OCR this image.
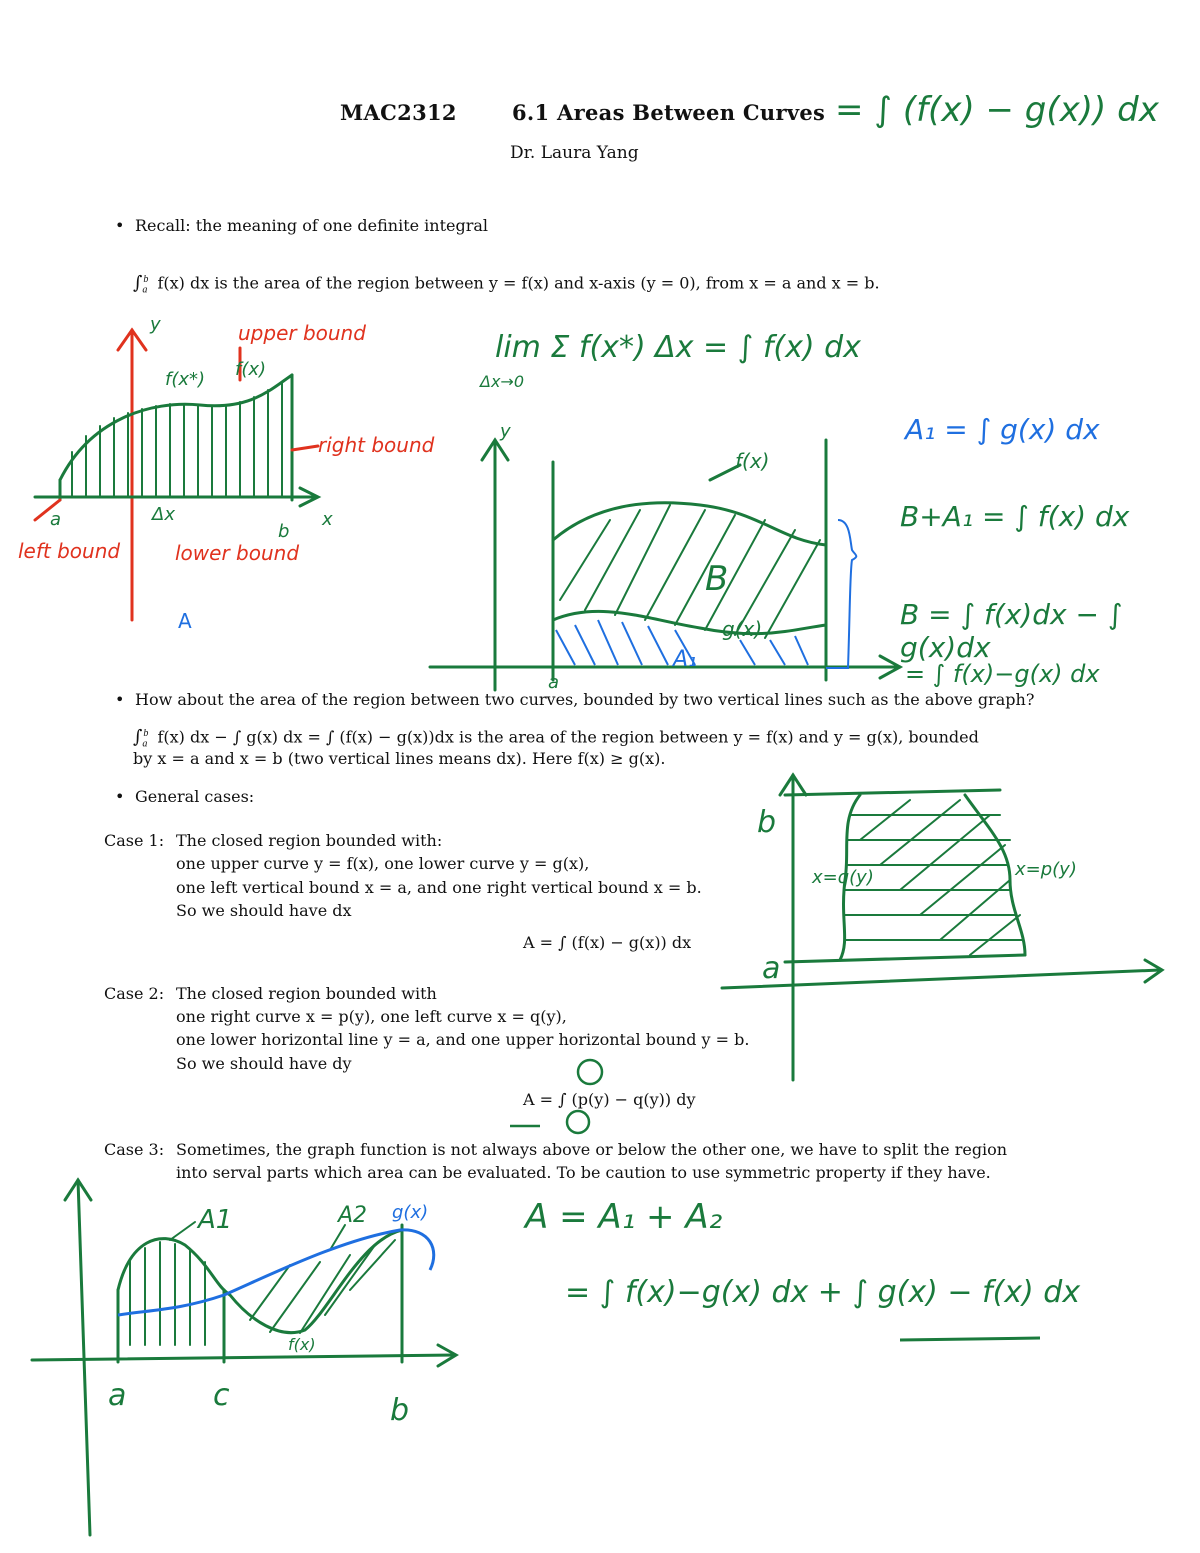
MAC2312	6.1 Areas Between Curves
Dr. Laura Yang
• Recall: the meaning of one definite integral
$\int_a^b$ f(x) dx is the area of the region between y = f(x) and x-axis (y = 0), from x = a and x = b.
• How about the area of the region between two curves, bounded by two vertical lines such as the above graph?
$\int_a^b$ f(x) dx − ∫ g(x) dx = ∫ (f(x) − g(x))dx is the area of the region between y = f(x) and y = g(x), bounded
by x = a and x = b (two vertical lines means dx). Here f(x) ≥ g(x).
• General cases:
Case 1: The closed region bounded with:
one upper curve y = f(x), one lower curve y = g(x),
one left vertical bound x = a, and one right vertical bound x = b.
So we should have dx
A = ∫ (f(x) − g(x)) dx
Case 2: The closed region bounded with
one right curve x = p(y), one left curve x = q(y),
one lower horizontal line y = a, and one upper horizontal bound y = b.
So we should have dy
A = ∫ (p(y) − q(y)) dy
Case 3: Sometimes, the graph function is not always above or below the other one, we have to split the region
into serval parts which area can be evaluated. To be caution to use symmetric property if they have.
= ∫ (f(x) − g(x)) dx
lim Σ f(x*) Δx = ∫ f(x) dx
Δx→0
A₁ = ∫ g(x) dx
B+A₁ = ∫ f(x) dx
B = ∫ f(x)dx − ∫ g(x)dx
= ∫ f(x)−g(x) dx
A = A₁ + A₂
= ∫ f(x)−g(x) dx + ∫ g(x) − f(x) dx
upper bound
right bound
left bound	lower bound
f(x)
f(x*)
a
b
x
y
Δx
A
f(x)
g(x)
B
a
y
A₁
b
a
x=q(y)	x=p(y)
A1	A2
f(x)
a	c	b
g(x)
